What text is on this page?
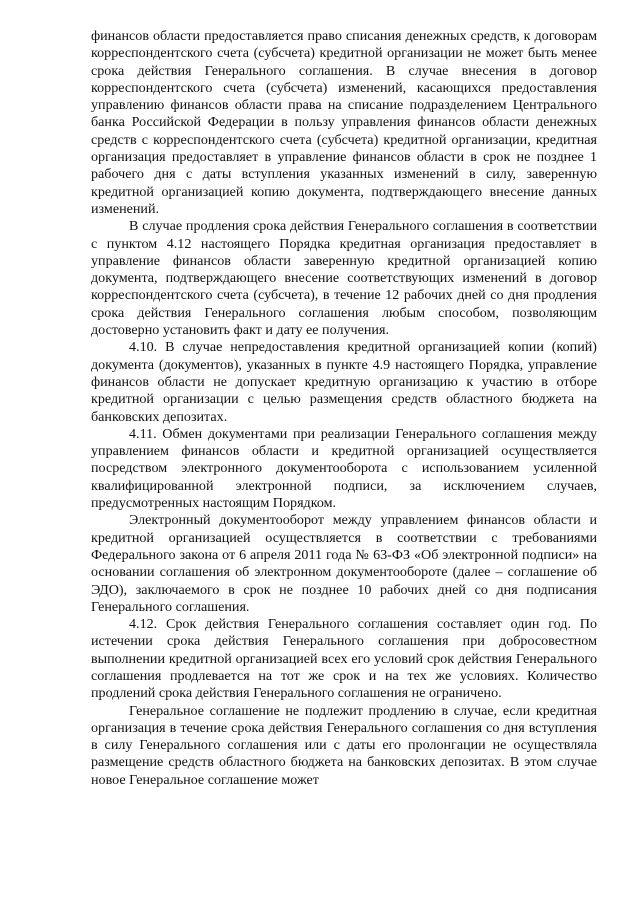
финансов области предоставляется право списания денежных средств, к договорам корреспондентского счета (субсчета) кредитной организации не может быть менее срока действия Генерального соглашения. В случае внесения в договор корреспондентского счета (субсчета) изменений, касающихся предоставления управлению финансов области права на списание подразделением Центрального банка Российской Федерации в пользу управления финансов области денежных средств с корреспондентского счета (субсчета) кредитной организации, кредитная организация предоставляет в управление финансов области в срок не позднее 1 рабочего дня с даты вступления указанных изменений в силу, заверенную кредитной организацией копию документа, подтверждающего внесение данных изменений.

В случае продления срока действия Генерального соглашения в соответствии с пунктом 4.12 настоящего Порядка кредитная организация предоставляет в управление финансов области заверенную кредитной организацией копию документа, подтверждающего внесение соответствующих изменений в договор корреспондентского счета (субсчета), в течение 12 рабочих дней со дня продления срока действия Генерального соглашения любым способом, позволяющим достоверно установить факт и дату ее получения.

4.10. В случае непредоставления кредитной организацией копии (копий) документа (документов), указанных в пункте 4.9 настоящего Порядка, управление финансов области не допускает кредитную организацию к участию в отборе кредитной организации с целью размещения средств областного бюджета на банковских депозитах.

4.11. Обмен документами при реализации Генерального соглашения между управлением финансов области и кредитной организацией осуществляется посредством электронного документооборота с использованием усиленной квалифицированной электронной подписи, за исключением случаев, предусмотренных настоящим Порядком.

Электронный документооборот между управлением финансов области и кредитной организацией осуществляется в соответствии с требованиями Федерального закона от 6 апреля 2011 года № 63-ФЗ «Об электронной подписи» на основании соглашения об электронном документообороте (далее – соглашение об ЭДО), заключаемого в срок не позднее 10 рабочих дней со дня подписания Генерального соглашения.

4.12. Срок действия Генерального соглашения составляет один год. По истечении срока действия Генерального соглашения при добросовестном выполнении кредитной организацией всех его условий срок действия Генерального соглашения продлевается на тот же срок и на тех же условиях. Количество продлений срока действия Генерального соглашения не ограничено.

Генеральное соглашение не подлежит продлению в случае, если кредитная организация в течение срока действия Генерального соглашения со дня вступления в силу Генерального соглашения или с даты его пролонгации не осуществляла размещение средств областного бюджета на банковских депозитах. В этом случае новое Генеральное соглашение может
